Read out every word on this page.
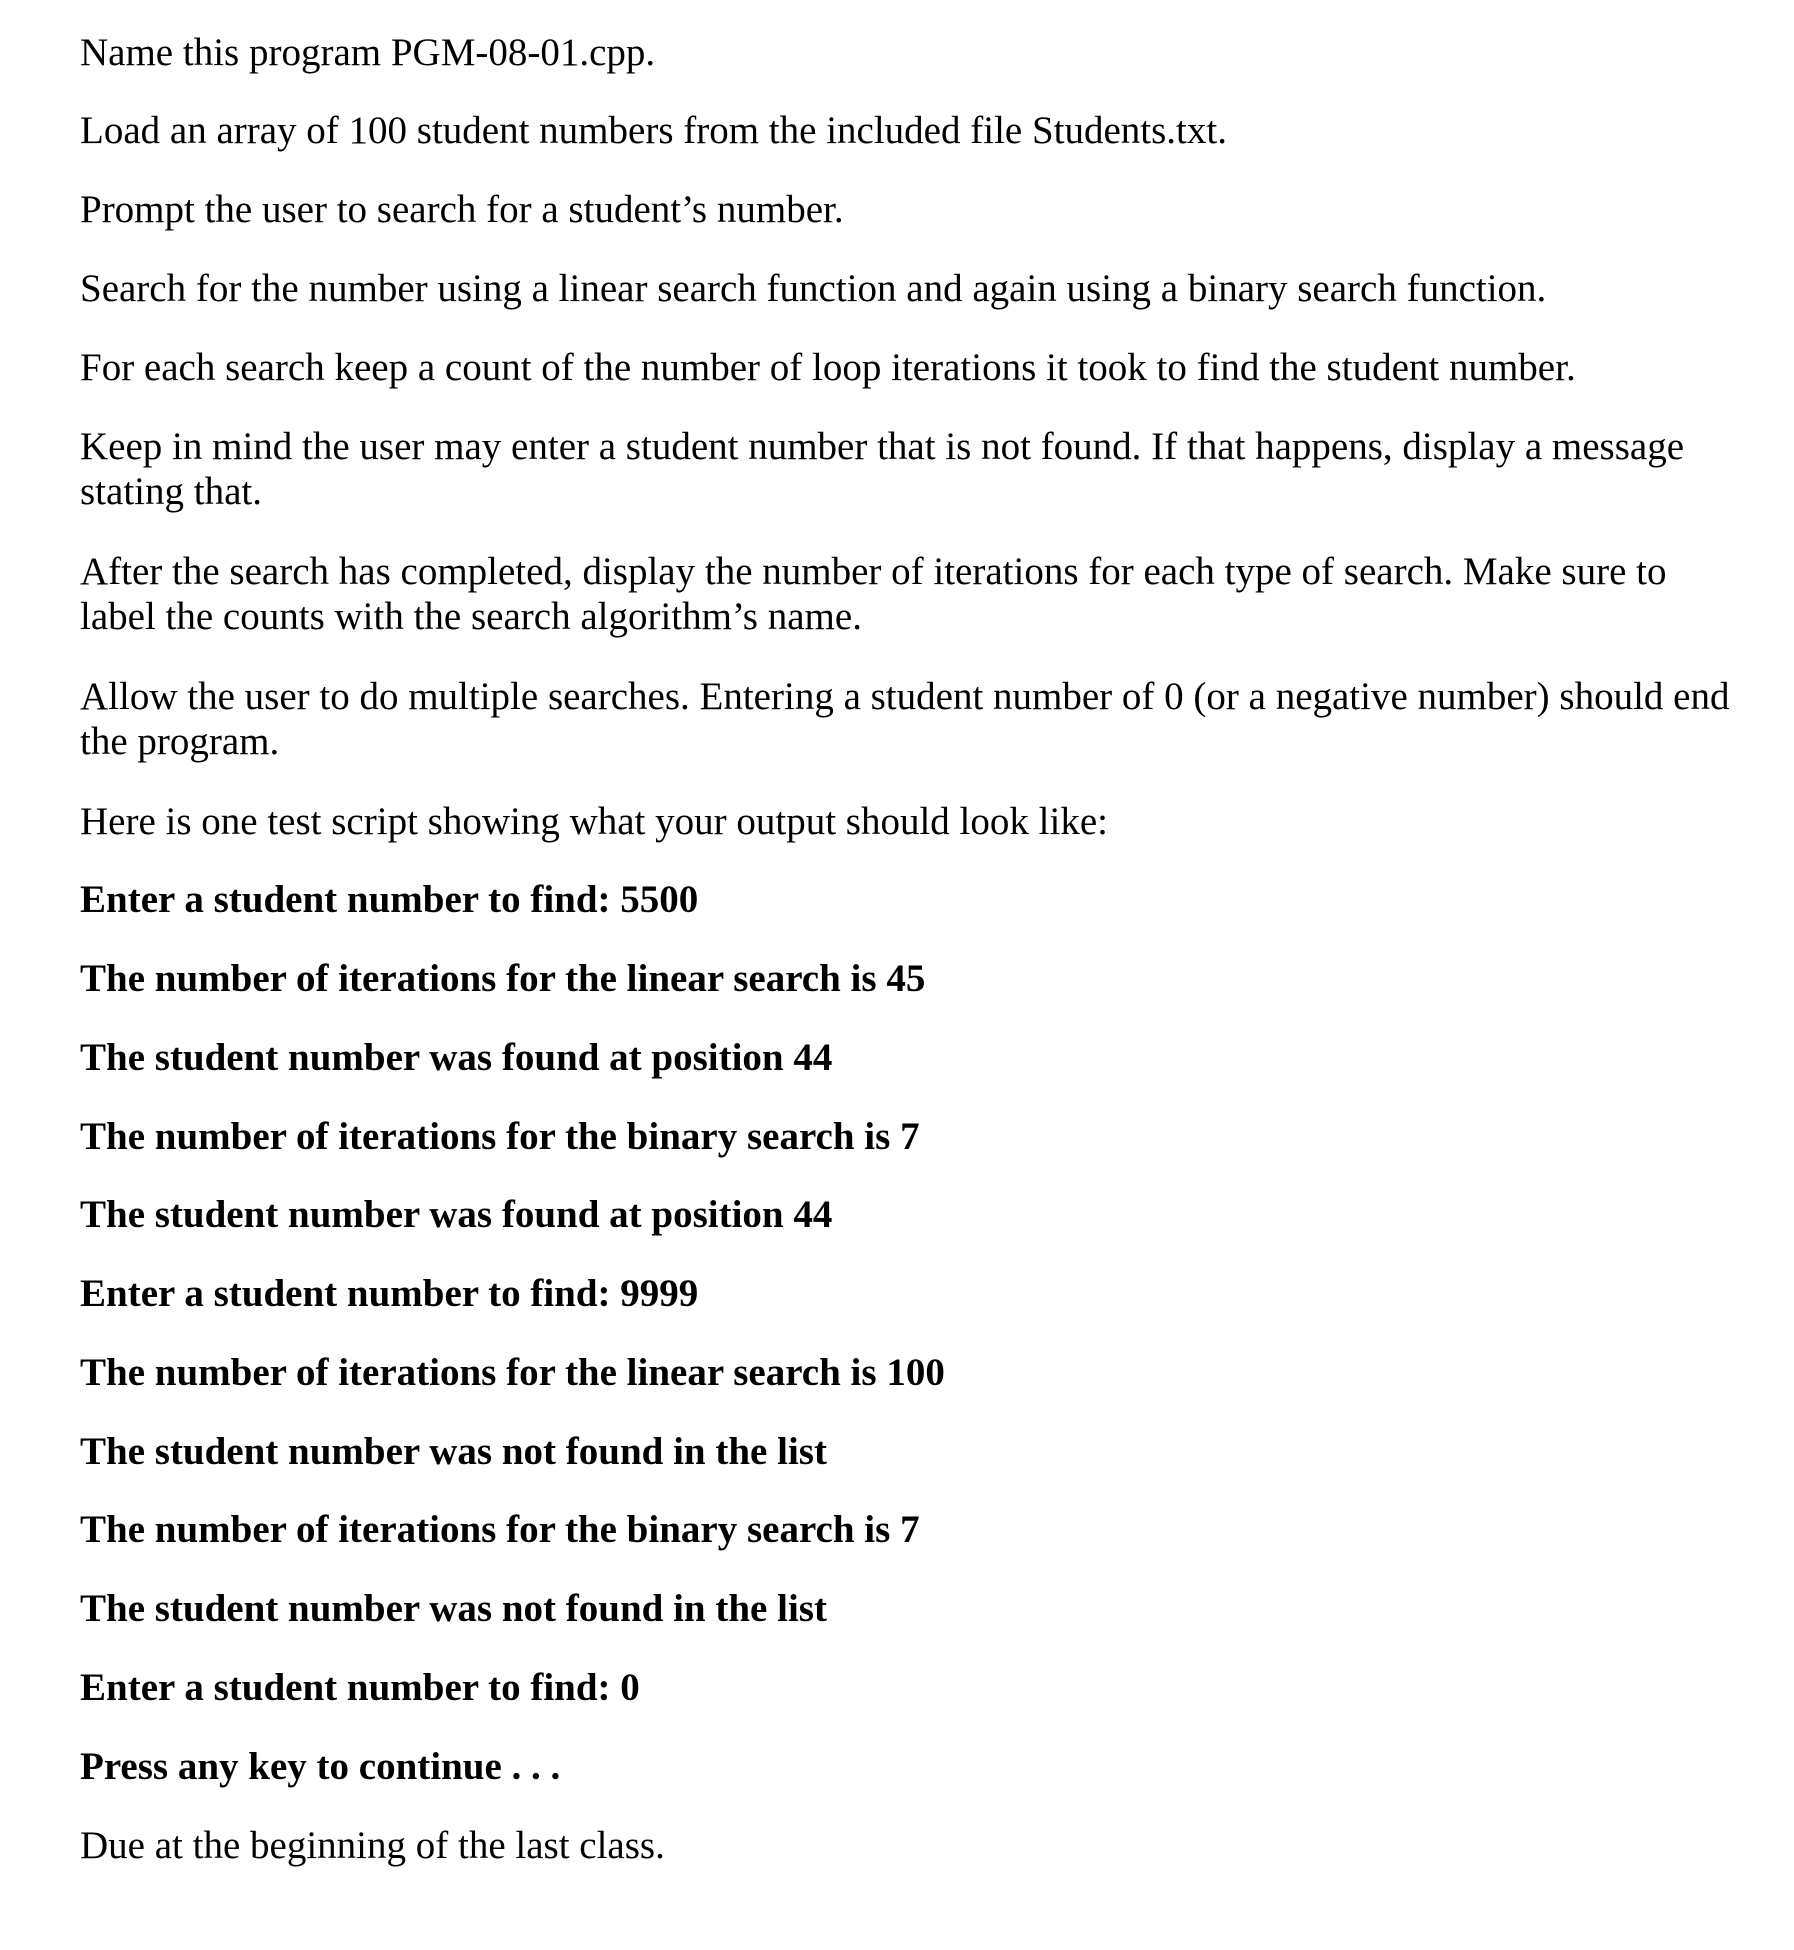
Name this program PGM-08-01.cpp.

Load an array of 100 student numbers from the included file Students.txt.

Prompt the user to search for a student’s number.

Search for the number using a linear search function and again using a binary search function.

For each search keep a count of the number of loop iterations it took to find the student number.

Keep in mind the user may enter a student number that is not found. If that happens, display a message stating that.

After the search has completed, display the number of iterations for each type of search. Make sure to label the counts with the search algorithm’s name.

Allow the user to do multiple searches. Entering a student number of 0 (or a negative number) should end the program.

Here is one test script showing what your output should look like:

Enter a student number to find: 5500

The number of iterations for the linear search is 45

The student number was found at position 44

The number of iterations for the binary search is 7

The student number was found at position 44

Enter a student number to find: 9999

The number of iterations for the linear search is 100

The student number was not found in the list

The number of iterations for the binary search is 7

The student number was not found in the list

Enter a student number to find: 0

Press any key to continue . . .

Due at the beginning of the last class.
